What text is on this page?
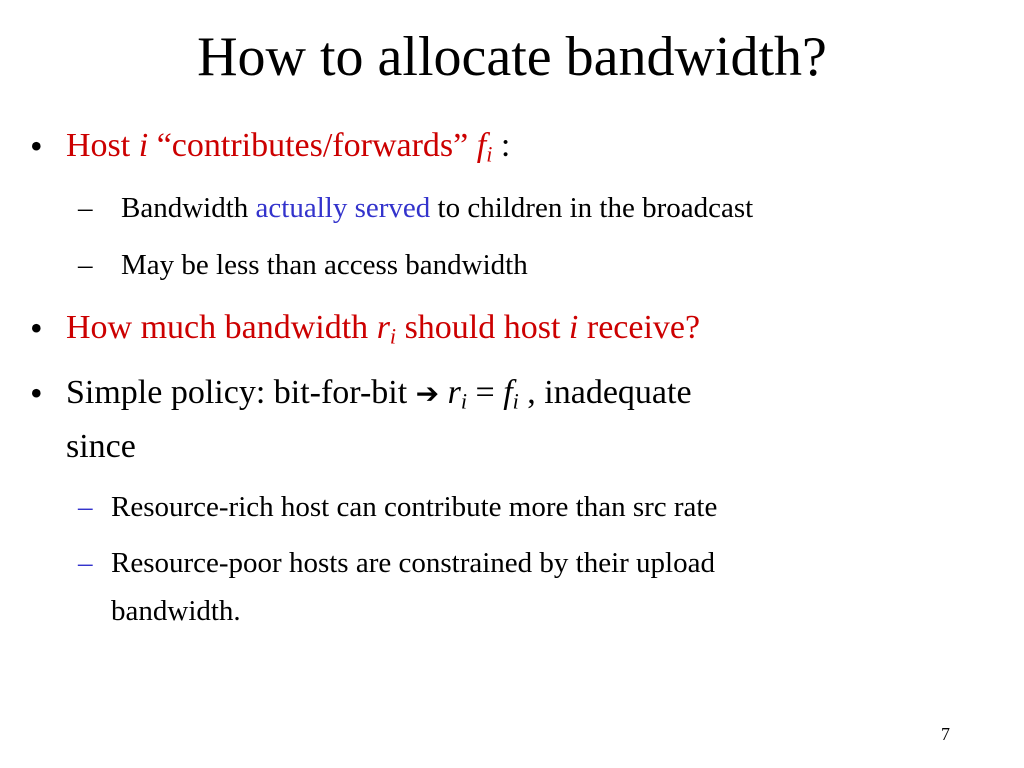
How to allocate bandwidth?
• Host i “contributes/forwards” $f_i$ :
– Bandwidth actually served to children in the broadcast
– May be less than access bandwidth
• How much bandwidth $r_i$ should host i receive?
• Simple policy: bit-for-bit ➔ $r_i = f_i$ , inadequate
since
– Resource-rich host can contribute more than src rate
– Resource-poor hosts are constrained by their upload
bandwidth.
7
